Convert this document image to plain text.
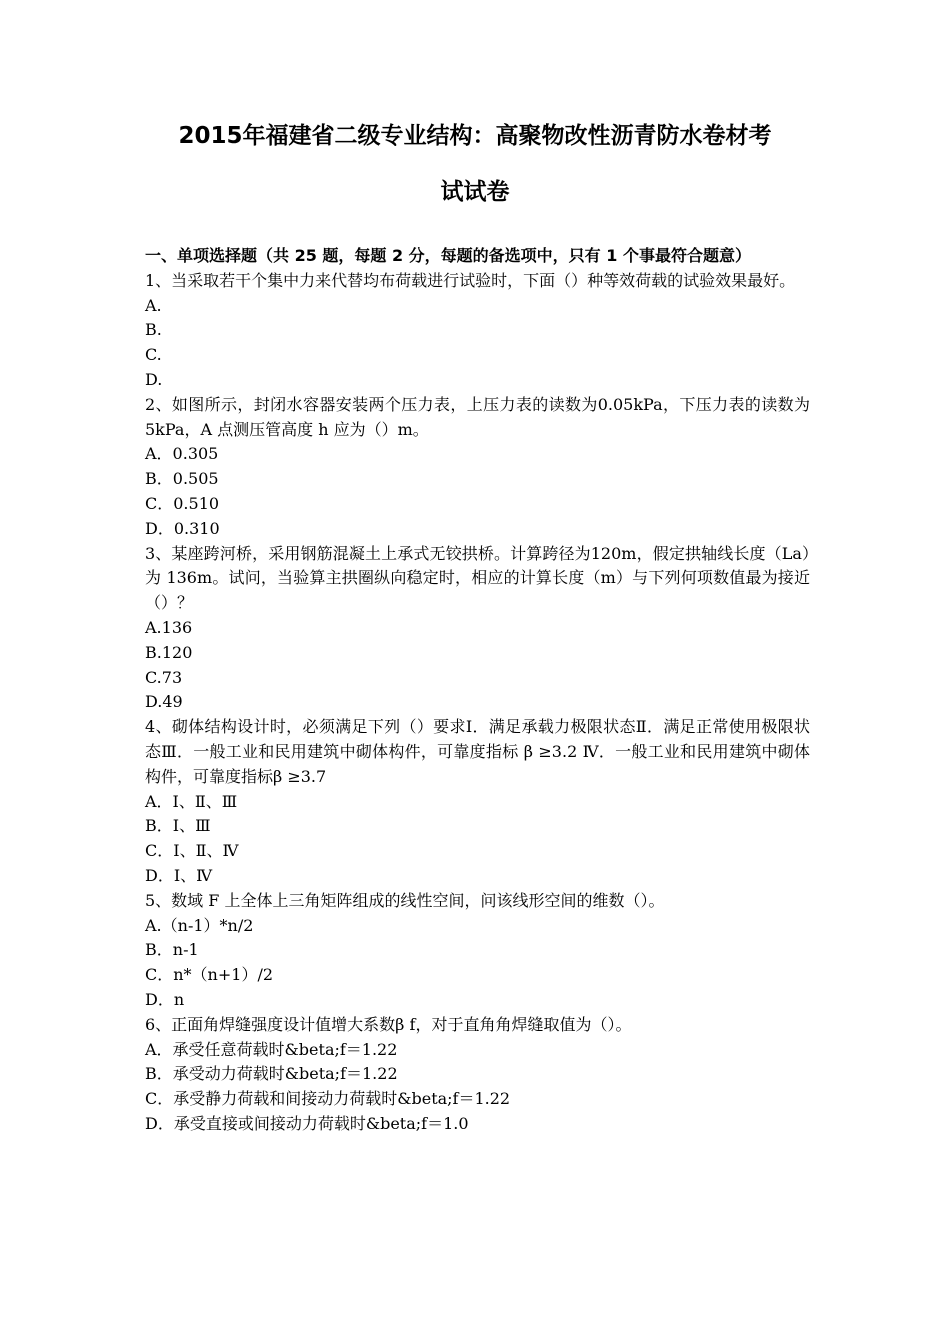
2015年福建省二级专业结构：高聚物改性沥青防水卷材考
试试卷
一、单项选择题（共 25 题，每题 2 分，每题的备选项中，只有 1 个事最符合题意）
1、当采取若干个集中力来代替均布荷载进行试验时，下面（）种等效荷载的试验效果最好。
A.
B.
C.
D.
2、如图所示，封闭水容器安装两个压力表，上压力表的读数为0.05kPa，下压力表的读数为 5kPa，A 点测压管高度 h 应为（）m。
A．0.305
B．0.505
C．0.510
D．0.310
3、某座跨河桥，采用钢筋混凝土上承式无铰拱桥。计算跨径为120m，假定拱轴线长度（La）为 136m。试问，当验算主拱圈纵向稳定时，相应的计算长度（m）与下列何项数值最为接近（）？
A.136
B.120
C.73
D.49
4、砌体结构设计时，必须满足下列（）要求Ⅰ．满足承载力极限状态Ⅱ．满足正常使用极限状态Ⅲ．一般工业和民用建筑中砌体构件，可靠度指标 β ≥3.2 Ⅳ．一般工业和民用建筑中砌体构件，可靠度指标β ≥3.7
A．Ⅰ、Ⅱ、Ⅲ
B．Ⅰ、Ⅲ
C．Ⅰ、Ⅱ、Ⅳ
D．Ⅰ、Ⅳ
5、数域 F 上全体上三角矩阵组成的线性空间，问该线形空间的维数（）。
A.（n-1）*n/2
B．n-1
C．n*（n+1）/2
D．n
6、正面角焊缝强度设计值增大系数β f，对于直角角焊缝取值为（）。
A．承受任意荷载时&beta;f＝1.22
B．承受动力荷载时&beta;f＝1.22
C．承受静力荷载和间接动力荷载时&beta;f＝1.22
D．承受直接或间接动力荷载时&beta;f＝1.0
